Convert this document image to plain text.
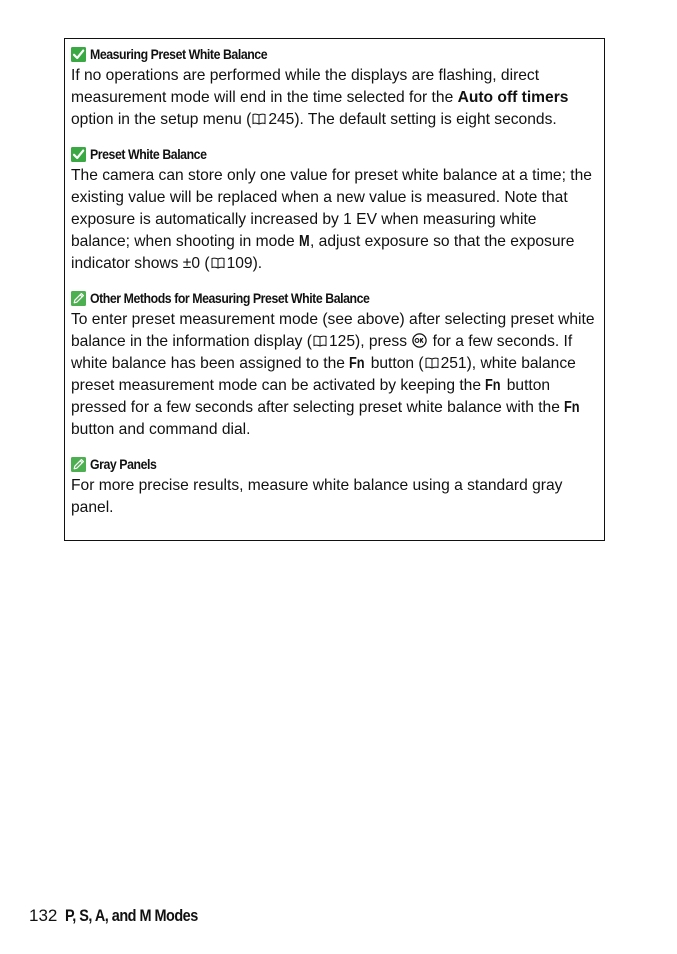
Measuring Preset White Balance

If no operations are performed while the displays are flashing, direct measurement mode will end in the time selected for the Auto off timers option in the setup menu ( 245). The default setting is eight seconds.

Preset White Balance

The camera can store only one value for preset white balance at a time; the existing value will be replaced when a new value is measured. Note that exposure is automatically increased by 1 EV when measuring white balance; when shooting in mode M, adjust exposure so that the exposure indicator shows ±0 ( 109).

Other Methods for Measuring Preset White Balance

To enter preset measurement mode (see above) after selecting preset white balance in the information display ( 125), press  for a few seconds. If white balance has been assigned to the Fn button ( 251), white balance preset measurement mode can be activated by keeping the Fn button pressed for a few seconds after selecting preset white balance with the Fn button and command dial.

Gray Panels

For more precise results, measure white balance using a standard gray panel.

132 P, S, A, and M Modes
